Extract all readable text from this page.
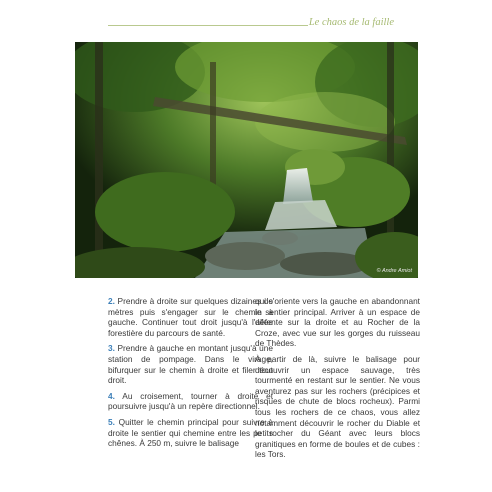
Le chaos de la faille
© Andre Amiot

2. Prendre à droite sur quelques dizaines de mètres puis s'engager sur le chemin à gauche. Continuer tout droit jusqu'à l'allée forestière du parcours de santé.

3. Prendre à gauche en montant jusqu'à une station de pompage. Dans le virage, bifurquer sur le chemin à droite et filer tout droit.

4. Au croisement, tourner à droite et poursuivre jusqu'à un repère directionnel.

5. Quitter le chemin principal pour suivre à droite le sentier qui chemine entre les petits chênes. À 250 m, suivre le balisage

qui s'oriente vers la gauche en abandonnant le sentier principal. Arriver à un espace de détente sur la droite et au Rocher de la Croze, avec vue sur les gorges du ruisseau de Thèdes.

À partir de là, suivre le balisage pour découvrir un espace sauvage, très tourmenté en restant sur le sentier. Ne vous aventurez pas sur les rochers (précipices et risques de chute de blocs rocheux). Parmi tous les rochers de ce chaos, vous allez notamment découvrir le rocher du Diable et le rocher du Géant avec leurs blocs granitiques en forme de boules et de cubes : les Tors.
